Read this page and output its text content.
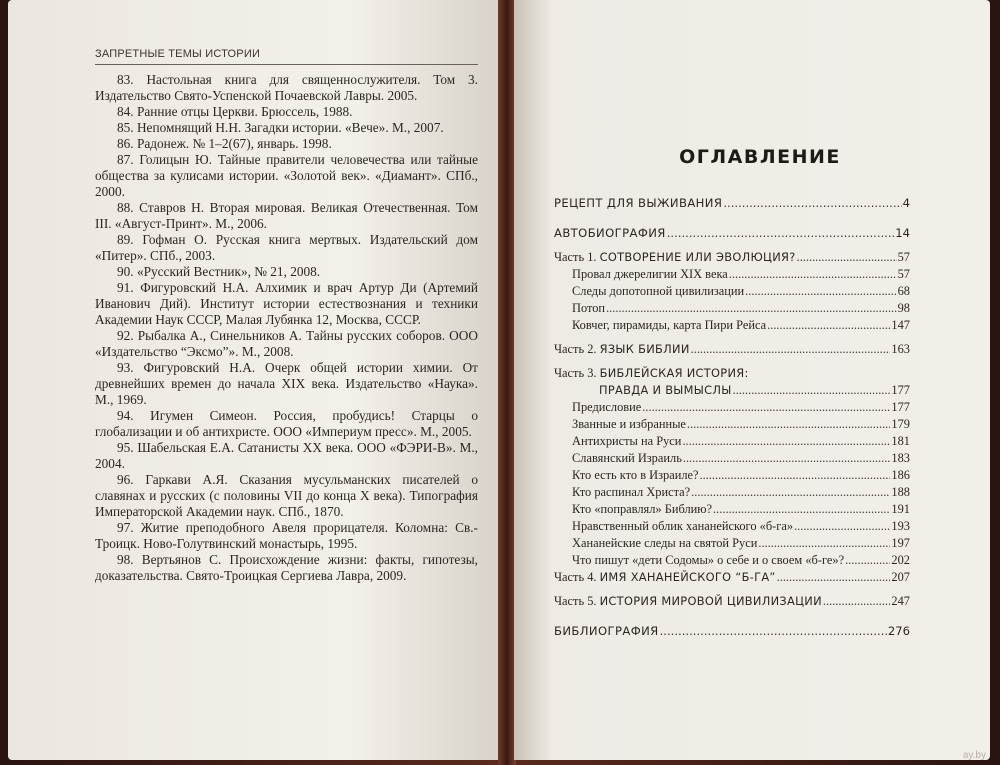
ЗАПРЕТНЫЕ ТЕМЫ ИСТОРИИ

83. Настольная книга для священнослужителя. Том 3. Издательство Свято-Успенской Почаевской Лавры. 2005.

84. Ранние отцы Церкви. Брюссель, 1988.

85. Непомнящий Н.Н. Загадки истории. «Вече». М., 2007.

86. Радонеж. № 1–2(67), январь. 1998.

87. Голицын Ю. Тайные правители человечества или тайные общества за кулисами истории. «Золотой век». «Диамант». СПб., 2000.

88. Ставров Н. Вторая мировая. Великая Отечественная. Том III. «Август-Принт». М., 2006.

89. Гофман О. Русская книга мертвых. Издательский дом «Питер». СПб., 2003.

90. «Русский Вестник», № 21, 2008.

91. Фигуровский Н.А. Алхимик и врач Артур Ди (Артемий Иванович Дий). Институт истории естествознания и техники Академии Наук СССР, Малая Лубянка 12, Москва, СССР.

92. Рыбалка А., Синельников А. Тайны русских соборов. ООО «Издательство “Эксмо”». М., 2008.

93. Фигуровский Н.А. Очерк общей истории химии. От древнейших времен до начала XIX века. Издательство «Наука». М., 1969.

94. Игумен Симеон. Россия, пробудись! Старцы о глобализации и об антихристе. ООО «Империум пресс». М., 2005.

95. Шабельская Е.А. Сатанисты XX века. ООО «ФЭРИ-В». М., 2004.

96. Гаркави А.Я. Сказания мусульманских писателей о славянах и русских (с половины VII до конца X века). Типография Императорской Академии наук. СПб., 1870.

97. Житие преподобного Авеля прорицателя. Коломна: Св.-Троицк. Ново-Голутвинский монастырь, 1995.

98. Вертьянов С. Происхождение жизни: факты, гипотезы, доказательства. Свято-Троицкая Сергиева Лавра, 2009.

ОГЛАВЛЕНИЕ
РЕЦЕПТ ДЛЯ ВЫЖИВАНИЯ .....	4
АВТОБИОГРАФИЯ .....	14
Часть 1. СОТВОРЕНИЕ ИЛИ ЭВОЛЮЦИЯ? .....	57
Провал джерелигии XIX века .....	57
Следы допотопной цивилизации .....	68
Потоп .....	98
Ковчег, пирамиды, карта Пири Рейса .....	147
Часть 2. ЯЗЫК БИБЛИИ .....	163
Часть 3. БИБЛЕЙСКАЯ ИСТОРИЯ:
ПРАВДА И ВЫМЫСЛЫ .....	177
Предисловие .....	177
Званные и избранные .....	179
Антихристы на Руси .....	181
Славянский Израиль .....	183
Кто есть кто в Израиле? .....	186
Кто распинал Христа? .....	188
Кто «поправлял» Библию? .....	191
Нравственный облик хананейского «б-га» .....	193
Хананейские следы на святой Руси .....	197
Что пишут «дети Содомы» о себе и о своем «б-ге»? .....	202
Часть 4. ИМЯ ХАНАНЕЙСКОГО “Б-ГА” .....	207
Часть 5. ИСТОРИЯ МИРОВОЙ ЦИВИЛИЗАЦИИ .....	247
БИБЛИОГРАФИЯ .....	276
ay.by
